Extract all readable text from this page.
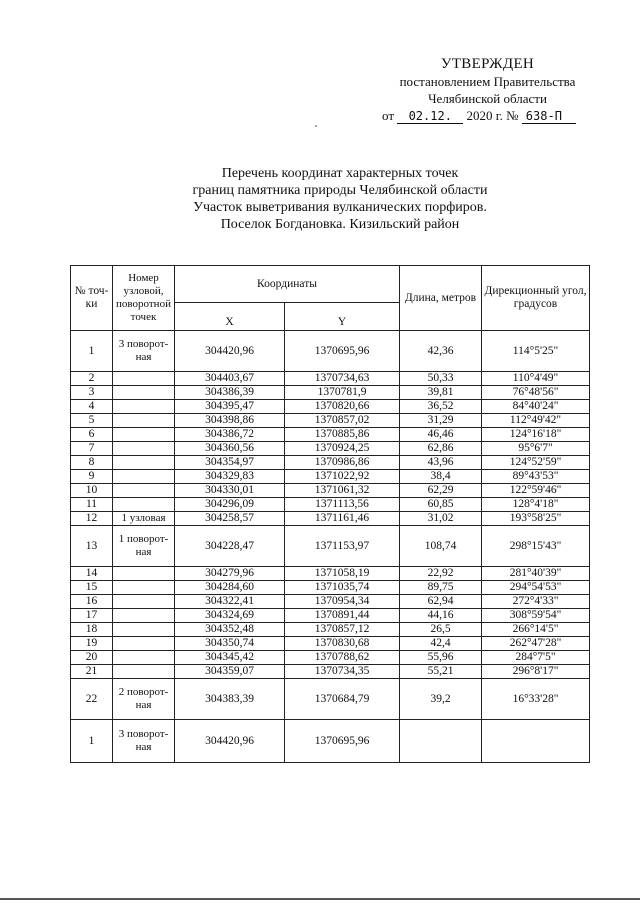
УТВЕРЖДЕН
постановлением Правительства
Челябинской области
от 02.12. 2020 г. № 638-П
Перечень координат характерных точек
границ памятника природы Челябинской области
Участок выветривания вулканических порфиров.
Поселок Богдановка. Кизильский район
№ точки	Номер узловой, поворотной точек	Координаты		Длина, метров	Дирекционный угол, градусов
		X	Y		
1	3 поворот- ная	304420,96	1370695,96	42,36	114°5'25"
2		304403,67	1370734,63	50,33	110°4'49"
3		304386,39	1370781,9	39,81	76°48'56"
4		304395,47	1370820,66	36,52	84°40'24"
5		304398,86	1370857,02	31,29	112°49'42"
6		304386,72	1370885,86	46,46	124°16'18"
7		304360,56	1370924,25	62,86	95°6'7"
8		304354,97	1370986,86	43,96	124°52'59"
9		304329,83	1371022,92	38,4	89°43'53"
10		304330,01	1371061,32	62,29	122°59'46"
11		304296,09	1371113,56	60,85	128°4'18"
12	1 узловая	304258,57	1371161,46	31,02	193°58'25"
13	1 поворот- ная	304228,47	1371153,97	108,74	298°15'43"
14		304279,96	1371058,19	22,92	281°40'39"
15		304284,60	1371035,74	89,75	294°54'53"
16		304322,41	1370954,34	62,94	272°4'33"
17		304324,69	1370891,44	44,16	308°59'54"
18		304352,48	1370857,12	26,5	266°14'5"
19		304350,74	1370830,68	42,4	262°47'28"
20		304345,42	1370788,62	55,96	284°7'5"
21		304359,07	1370734,35	55,21	296°8'17"
22	2 поворот- ная	304383,39	1370684,79	39,2	16°33'28"
1	3 поворот- ная	304420,96	1370695,96		
